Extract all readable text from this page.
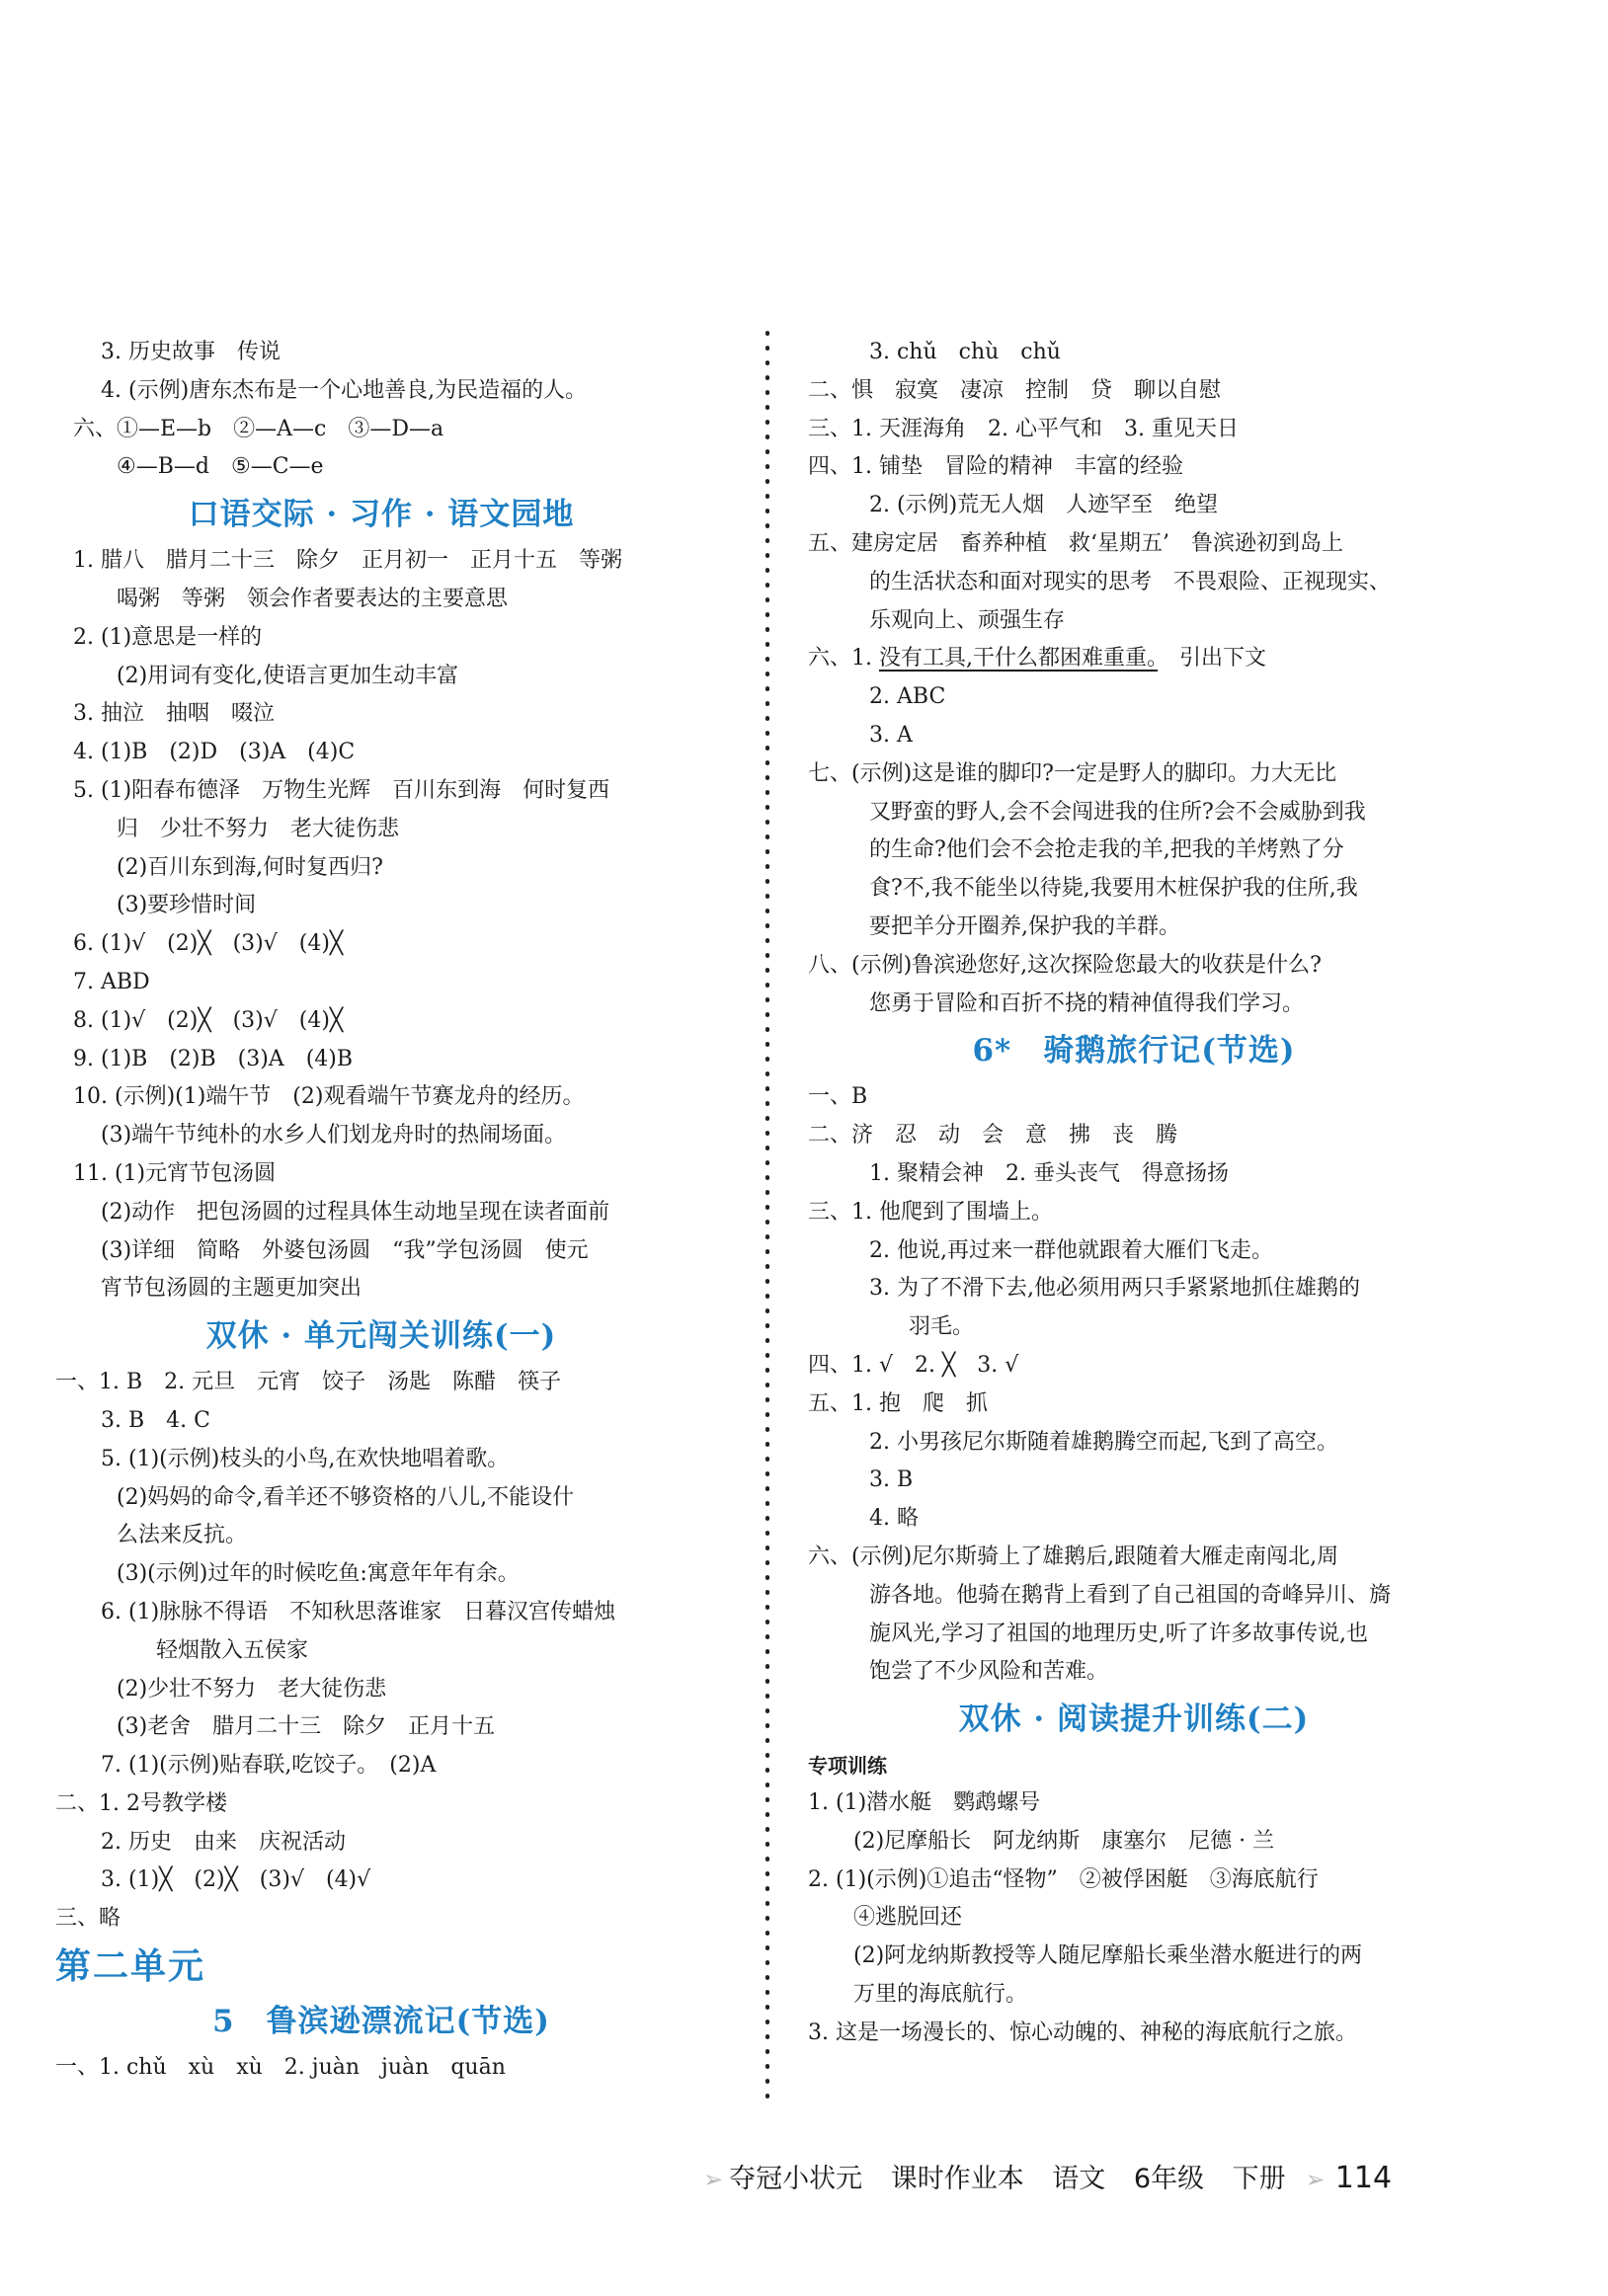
3. 历史故事　传说
4. (示例)唐东杰布是一个心地善良,为民造福的人。
六、①—E—b　②—A—c　③—D—a
④—B—d　⑤—C—e
口语交际 · 习作 · 语文园地
1. 腊八　腊月二十三　除夕　正月初一　正月十五　等粥
喝粥　等粥　领会作者要表达的主要意思
2. (1)意思是一样的
(2)用词有变化,使语言更加生动丰富
3. 抽泣　抽咽　啜泣
4. (1)B　(2)D　(3)A　(4)C
5. (1)阳春布德泽　万物生光辉　百川东到海　何时复西
归　少壮不努力　老大徒伤悲
(2)百川东到海,何时复西归?
(3)要珍惜时间
6. (1)√　(2)╳　(3)√　(4)╳
7. ABD
8. (1)√　(2)╳　(3)√　(4)╳
9. (1)B　(2)B　(3)A　(4)B
10. (示例)(1)端午节　(2)观看端午节赛龙舟的经历。
(3)端午节纯朴的水乡人们划龙舟时的热闹场面。
11. (1)元宵节包汤圆
(2)动作　把包汤圆的过程具体生动地呈现在读者面前
(3)详细　简略　外婆包汤圆　“我”学包汤圆　使元
宵节包汤圆的主题更加突出
双休 · 单元闯关训练(一)
一、1. B　2. 元旦　元宵　饺子　汤匙　陈醋　筷子
3. B　4. C
5. (1)(示例)枝头的小鸟,在欢快地唱着歌。
(2)妈妈的命令,看羊还不够资格的八儿,不能设什
么法来反抗。
(3)(示例)过年的时候吃鱼:寓意年年有余。
6. (1)脉脉不得语　不知秋思落谁家　日暮汉宫传蜡烛
轻烟散入五侯家
(2)少壮不努力　老大徒伤悲
(3)老舍　腊月二十三　除夕　正月十五
7. (1)(示例)贴春联,吃饺子。　(2)A
二、1. 2号教学楼
2. 历史　由来　庆祝活动
3. (1)╳　(2)╳　(3)√　(4)√
三、略
第二单元
5　鲁滨逊漂流记(节选)
一、1. chǔ　xù　xù　2. juàn　juàn　quān
3. chǔ　chù　chǔ
二、惧　寂寞　凄凉　控制　贷　聊以自慰
三、1. 天涯海角　2. 心平气和　3. 重见天日
四、1. 铺垫　冒险的精神　丰富的经验
2. (示例)荒无人烟　人迹罕至　绝望
五、建房定居　畜养种植　救‘星期五’　鲁滨逊初到岛上
的生活状态和面对现实的思考　不畏艰险、正视现实、
乐观向上、顽强生存
六、1. 没有工具,干什么都困难重重。　引出下文
2. ABC
3. A
七、(示例)这是谁的脚印?一定是野人的脚印。力大无比
又野蛮的野人,会不会闯进我的住所?会不会威胁到我
的生命?他们会不会抢走我的羊,把我的羊烤熟了分
食?不,我不能坐以待毙,我要用木桩保护我的住所,我
要把羊分开圈养,保护我的羊群。
八、(示例)鲁滨逊您好,这次探险您最大的收获是什么?
您勇于冒险和百折不挠的精神值得我们学习。
6*　骑鹅旅行记(节选)
一、B
二、济　忍　动　会　意　拂　丧　腾
1. 聚精会神　2. 垂头丧气　得意扬扬
三、1. 他爬到了围墙上。
2. 他说,再过来一群他就跟着大雁们飞走。
3. 为了不滑下去,他必须用两只手紧紧地抓住雄鹅的
羽毛。
四、1. √　2. ╳　3. √
五、1. 抱　爬　抓
2. 小男孩尼尔斯随着雄鹅腾空而起,飞到了高空。
3. B
4. 略
六、(示例)尼尔斯骑上了雄鹅后,跟随着大雁走南闯北,周
游各地。他骑在鹅背上看到了自己祖国的奇峰异川、旖
旎风光,学习了祖国的地理历史,听了许多故事传说,也
饱尝了不少风险和苦难。
双休 · 阅读提升训练(二)
专项训练
1. (1)潜水艇　鹦鹉螺号
(2)尼摩船长　阿龙纳斯　康塞尔　尼德 · 兰
2. (1)(示例)①追击“怪物”　②被俘困艇　③海底航行
④逃脱回还
(2)阿龙纳斯教授等人随尼摩船长乘坐潜水艇进行的两
万里的海底航行。
3. 这是一场漫长的、惊心动魄的、神秘的海底航行之旅。
➢ 夺冠小状元 课时作业本 语文 6年级 下册 ➢ 114
